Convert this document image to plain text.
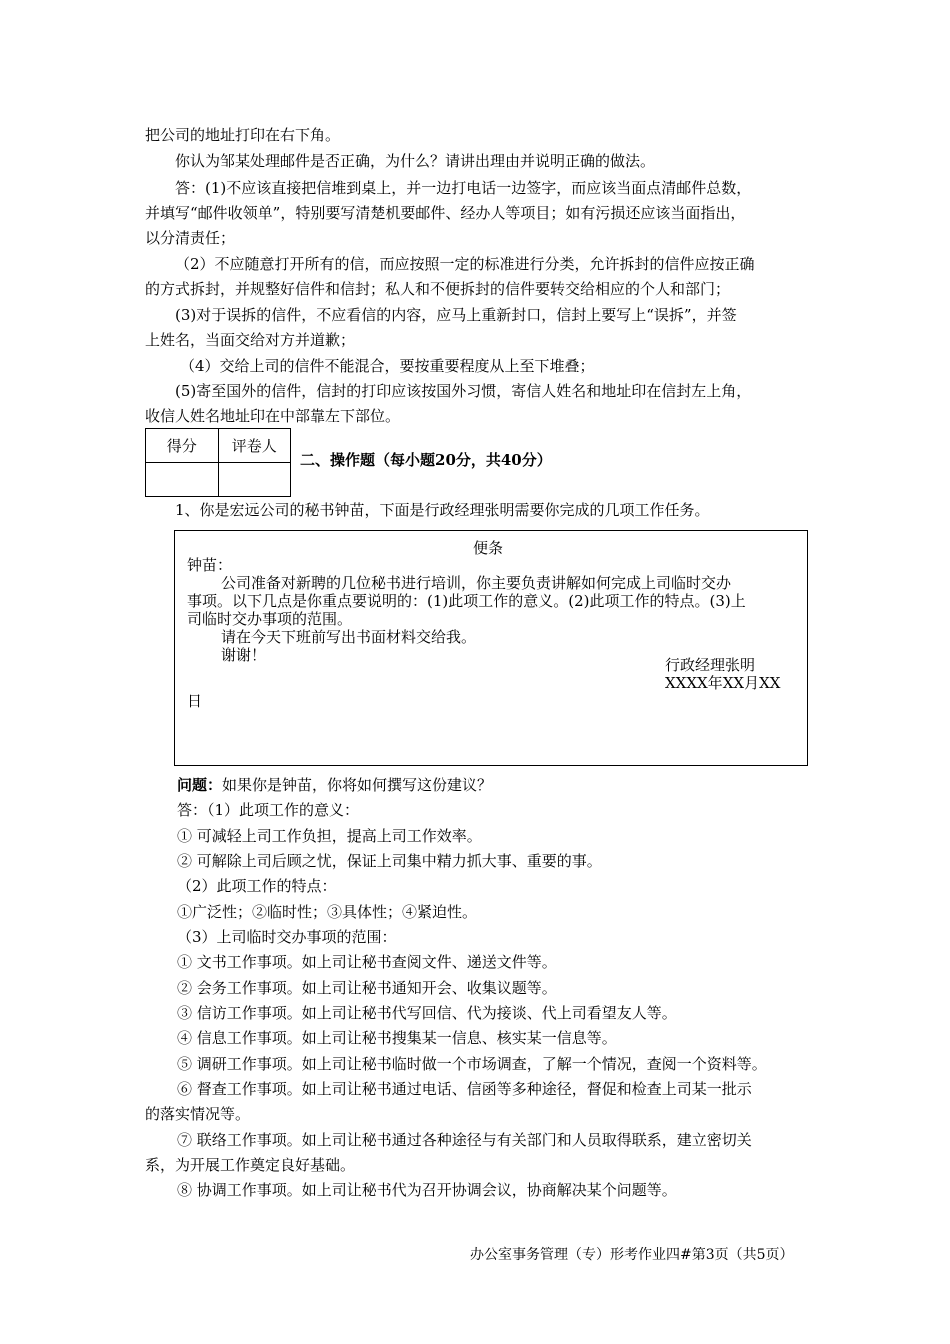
把公司的地址打印在右下角。
你认为邹某处理邮件是否正确，为什么？请讲出理由并说明正确的做法。
答：(1)不应该直接把信堆到桌上，并一边打电话一边签字，而应该当面点清邮件总数，
并填写“邮件收领单”，特别要写清楚机要邮件、经办人等项目；如有污损还应该当面指出，
以分清责任；
（2）不应随意打开所有的信，而应按照一定的标准进行分类，允许拆封的信件应按正确
的方式拆封，并规整好信件和信封；私人和不便拆封的信件要转交给相应的个人和部门；
(3)对于误拆的信件，不应看信的内容，应马上重新封口，信封上要写上“误拆”，并签
上姓名，当面交给对方并道歉；
（4）交给上司的信件不能混合，要按重要程度从上至下堆叠；
(5)寄至国外的信件，信封的打印应该按国外习惯，寄信人姓名和地址印在信封左上角，
收信人姓名地址印在中部靠左下部位。
得分	评卷人

二、操作题（每小题20分，共40分）
1、你是宏远公司的秘书钟苗，下面是行政经理张明需要你完成的几项工作任务。
便条
钟苗：
公司准备对新聘的几位秘书进行培训，你主要负责讲解如何完成上司临时交办
事项。以下几点是你重点要说明的：(1)此项工作的意义。(2)此项工作的特点。(3)上
司临时交办事项的范围。
请在今天下班前写出书面材料交给我。
谢谢！
行政经理张明
XXXX年XX月XX
日
问题：如果你是钟苗，你将如何撰写这份建议？
答：（1）此项工作的意义：
① 可减轻上司工作负担，提高上司工作效率。
② 可解除上司后顾之忧，保证上司集中精力抓大事、重要的事。
（2）此项工作的特点：
①广泛性；②临时性；③具体性；④紧迫性。
（3）上司临时交办事项的范围：
① 文书工作事项。如上司让秘书查阅文件、递送文件等。
② 会务工作事项。如上司让秘书通知开会、收集议题等。
③ 信访工作事项。如上司让秘书代写回信、代为接谈、代上司看望友人等。
④ 信息工作事项。如上司让秘书搜集某一信息、核实某一信息等。
⑤ 调研工作事项。如上司让秘书临时做一个市场调查，了解一个情况，查阅一个资料等。
⑥ 督查工作事项。如上司让秘书通过电话、信函等多种途径，督促和检查上司某一批示
的落实情况等。
⑦ 联络工作事项。如上司让秘书通过各种途径与有关部门和人员取得联系，建立密切关
系，为开展工作奠定良好基础。
⑧ 协调工作事项。如上司让秘书代为召开协调会议，协商解决某个问题等。
办公室事务管理（专）形考作业四#第3页（共5页）
